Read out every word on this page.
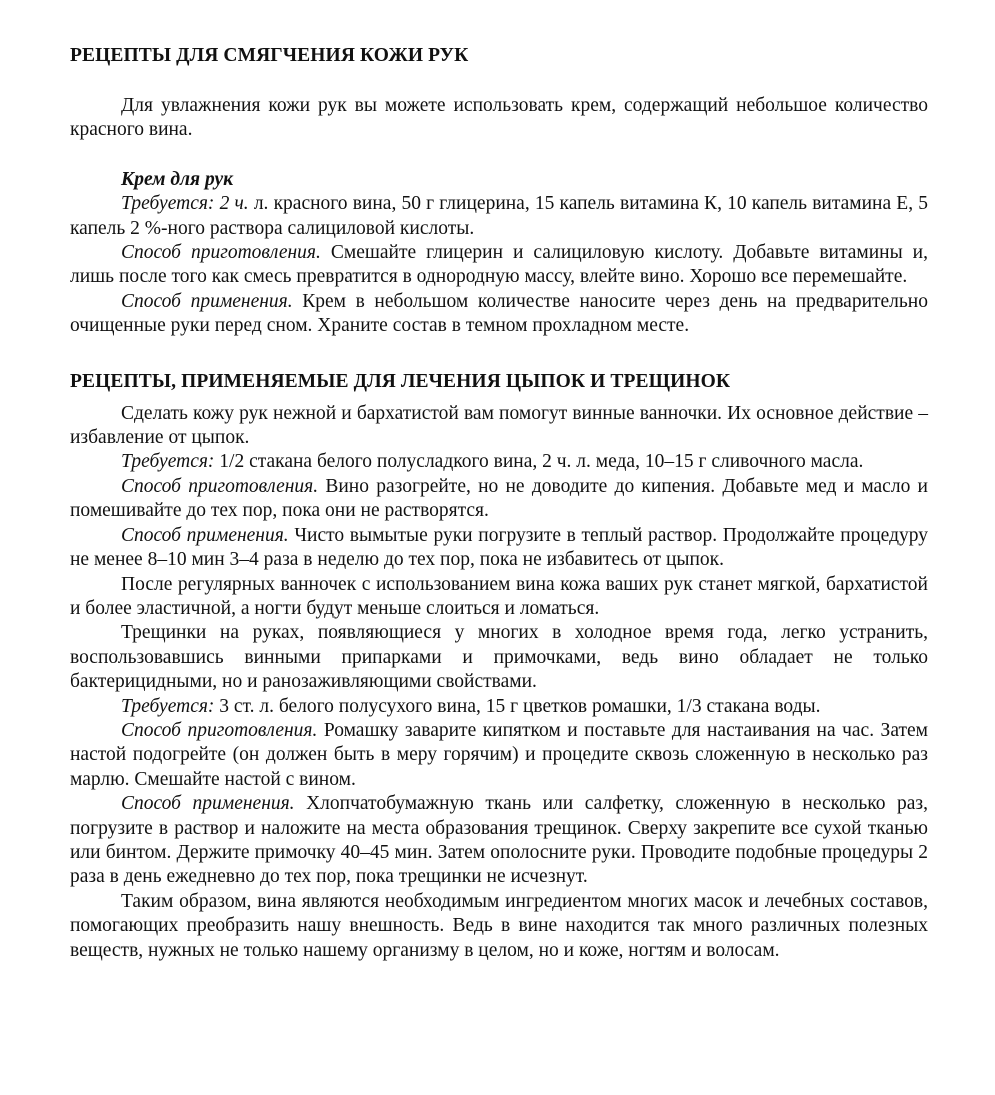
РЕЦЕПТЫ ДЛЯ СМЯГЧЕНИЯ КОЖИ РУК

Для увлажнения кожи рук вы можете использовать крем, содержащий небольшое количество красного вина.

Крем для рук

Требуется: 2 ч. л. красного вина, 50 г глицерина, 15 капель витамина К, 10 капель витамина Е, 5 капель 2 %-ного раствора салициловой кислоты.

Способ приготовления. Смешайте глицерин и салициловую кислоту. Добавьте витамины и, лишь после того как смесь превратится в однородную массу, влейте вино. Хорошо все перемешайте.

Способ применения. Крем в небольшом количестве наносите через день на предварительно очищенные руки перед сном. Храните состав в темном прохладном месте.

РЕЦЕПТЫ, ПРИМЕНЯЕМЫЕ ДЛЯ ЛЕЧЕНИЯ ЦЫПОК И ТРЕЩИНОК

Сделать кожу рук нежной и бархатистой вам помогут винные ванночки. Их основное действие – избавление от цыпок.

Требуется: 1/2 стакана белого полусладкого вина, 2 ч. л. меда, 10–15 г сливочного масла.

Способ приготовления. Вино разогрейте, но не доводите до кипения. Добавьте мед и масло и помешивайте до тех пор, пока они не растворятся.

Способ применения. Чисто вымытые руки погрузите в теплый раствор. Продолжайте процедуру не менее 8–10 мин 3–4 раза в неделю до тех пор, пока не избавитесь от цыпок.

После регулярных ванночек с использованием вина кожа ваших рук станет мягкой, бархатистой и более эластичной, а ногти будут меньше слоиться и ломаться.

Трещинки на руках, появляющиеся у многих в холодное время года, легко устранить, воспользовавшись винными припарками и примочками, ведь вино обладает не только бактерицидными, но и ранозаживляющими свойствами.

Требуется: 3 ст. л. белого полусухого вина, 15 г цветков ромашки, 1/3 стакана воды.

Способ приготовления. Ромашку заварите кипятком и поставьте для настаивания на час. Затем настой подогрейте (он должен быть в меру горячим) и процедите сквозь сложенную в несколько раз марлю. Смешайте настой с вином.

Способ применения. Хлопчатобумажную ткань или салфетку, сложенную в несколько раз, погрузите в раствор и наложите на места образования трещинок. Сверху закрепите все сухой тканью или бинтом. Держите примочку 40–45 мин. Затем ополосните руки. Проводите подобные процедуры 2 раза в день ежедневно до тех пор, пока трещинки не исчезнут.

Таким образом, вина являются необходимым ингредиентом многих масок и лечебных составов, помогающих преобразить нашу внешность. Ведь в вине находится так много различных полезных веществ, нужных не только нашему организму в целом, но и коже, ногтям и волосам.
